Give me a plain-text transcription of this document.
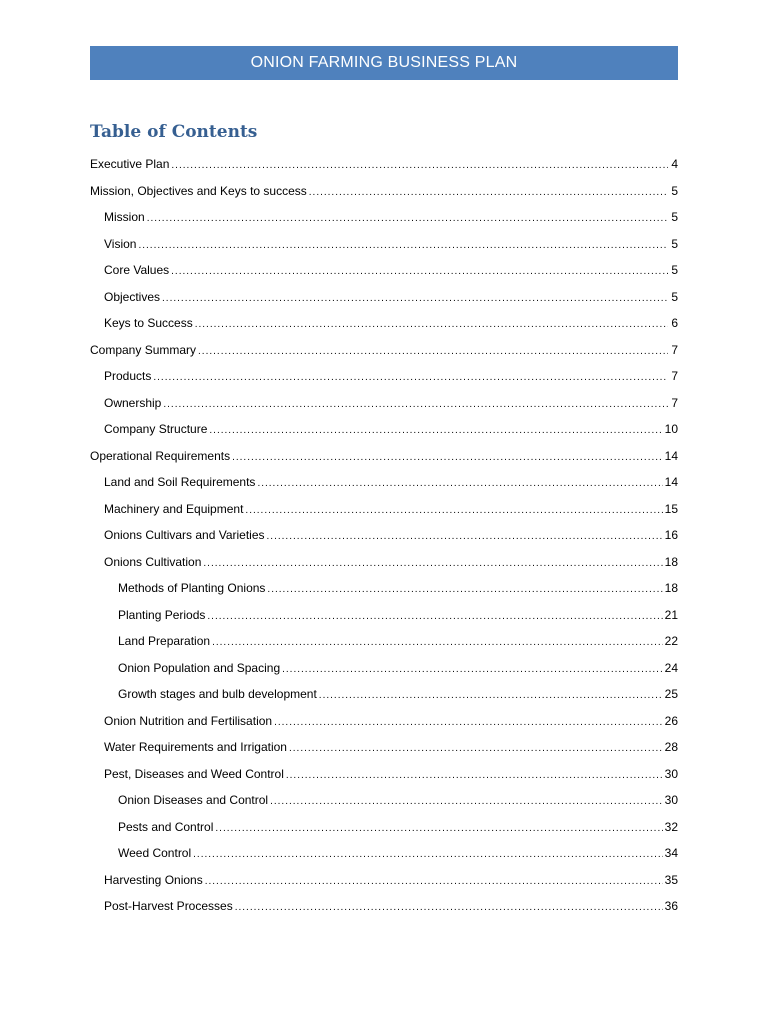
ONION FARMING BUSINESS PLAN
Table of Contents
Executive Plan .....	4
Mission, Objectives and Keys to success .....	5
Mission .....	5
Vision .....	5
Core Values .....	5
Objectives .....	5
Keys to Success .....	6
Company Summary .....	7
Products .....	7
Ownership .....	7
Company Structure .....	10
Operational Requirements .....	14
Land and Soil Requirements .....	14
Machinery and Equipment .....	15
Onions Cultivars and Varieties .....	16
Onions Cultivation .....	18
Methods of Planting Onions .....	18
Planting Periods .....	21
Land Preparation .....	22
Onion Population and Spacing .....	24
Growth stages and bulb development .....	25
Onion Nutrition and Fertilisation .....	26
Water Requirements and Irrigation .....	28
Pest, Diseases and Weed Control .....	30
Onion Diseases and Control .....	30
Pests and Control .....	32
Weed Control .....	34
Harvesting Onions .....	35
Post-Harvest Processes .....	36
